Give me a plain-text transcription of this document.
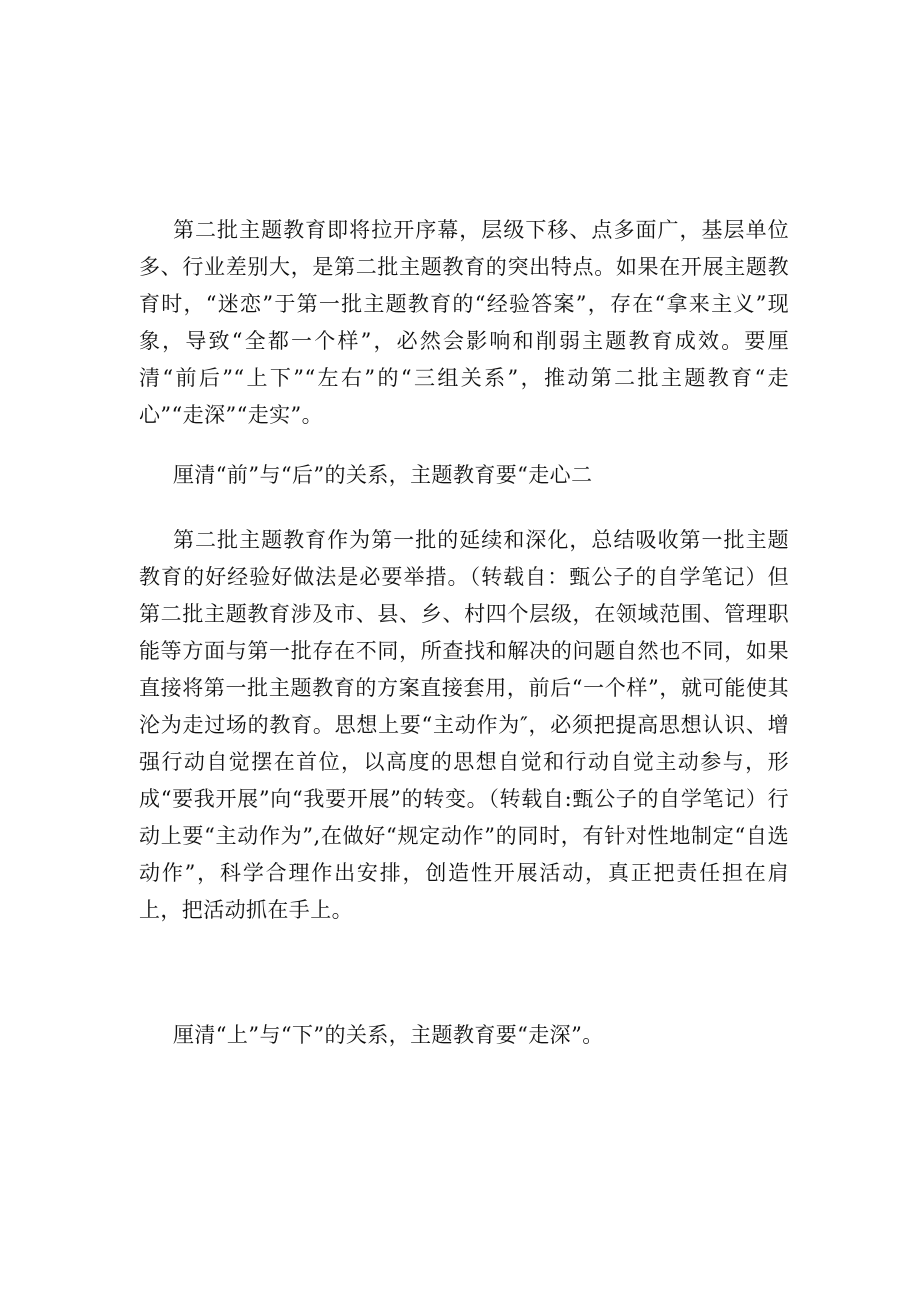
第二批主题教育即将拉开序幕，层级下移、点多面广，基层单位多、行业差别大，是第二批主题教育的突出特点。如果在开展主题教育时，“迷恋”于第一批主题教育的“经验答案”，存在“拿来主义”现象，导致“全都一个样”，必然会影响和削弱主题教育成效。要厘清“前后”“上下”“左右”的“三组关系”，推动第二批主题教育“走心”“走深”“走实”。

厘清“前”与“后”的关系，主题教育要“走心二

第二批主题教育作为第一批的延续和深化，总结吸收第一批主题教育的好经验好做法是必要举措。（转载自：甄公子的自学笔记）但第二批主题教育涉及市、县、乡、村四个层级，在领域范围、管理职能等方面与第一批存在不同，所查找和解决的问题自然也不同，如果直接将第一批主题教育的方案直接套用，前后“一个样”，就可能使其沦为走过场的教育。思想上要“主动作为″，必须把提高思想认识、增强行动自觉摆在首位，以高度的思想自觉和行动自觉主动参与，形成“要我开展”向“我要开展”的转变。（转载自:甄公子的自学笔记）行动上要“主动作为”,在做好“规定动作”的同时，有针对性地制定“自选动作”，科学合理作出安排，创造性开展活动，真正把责任担在肩上，把活动抓在手上。

厘清“上”与“下”的关系，主题教育要“走深”。
